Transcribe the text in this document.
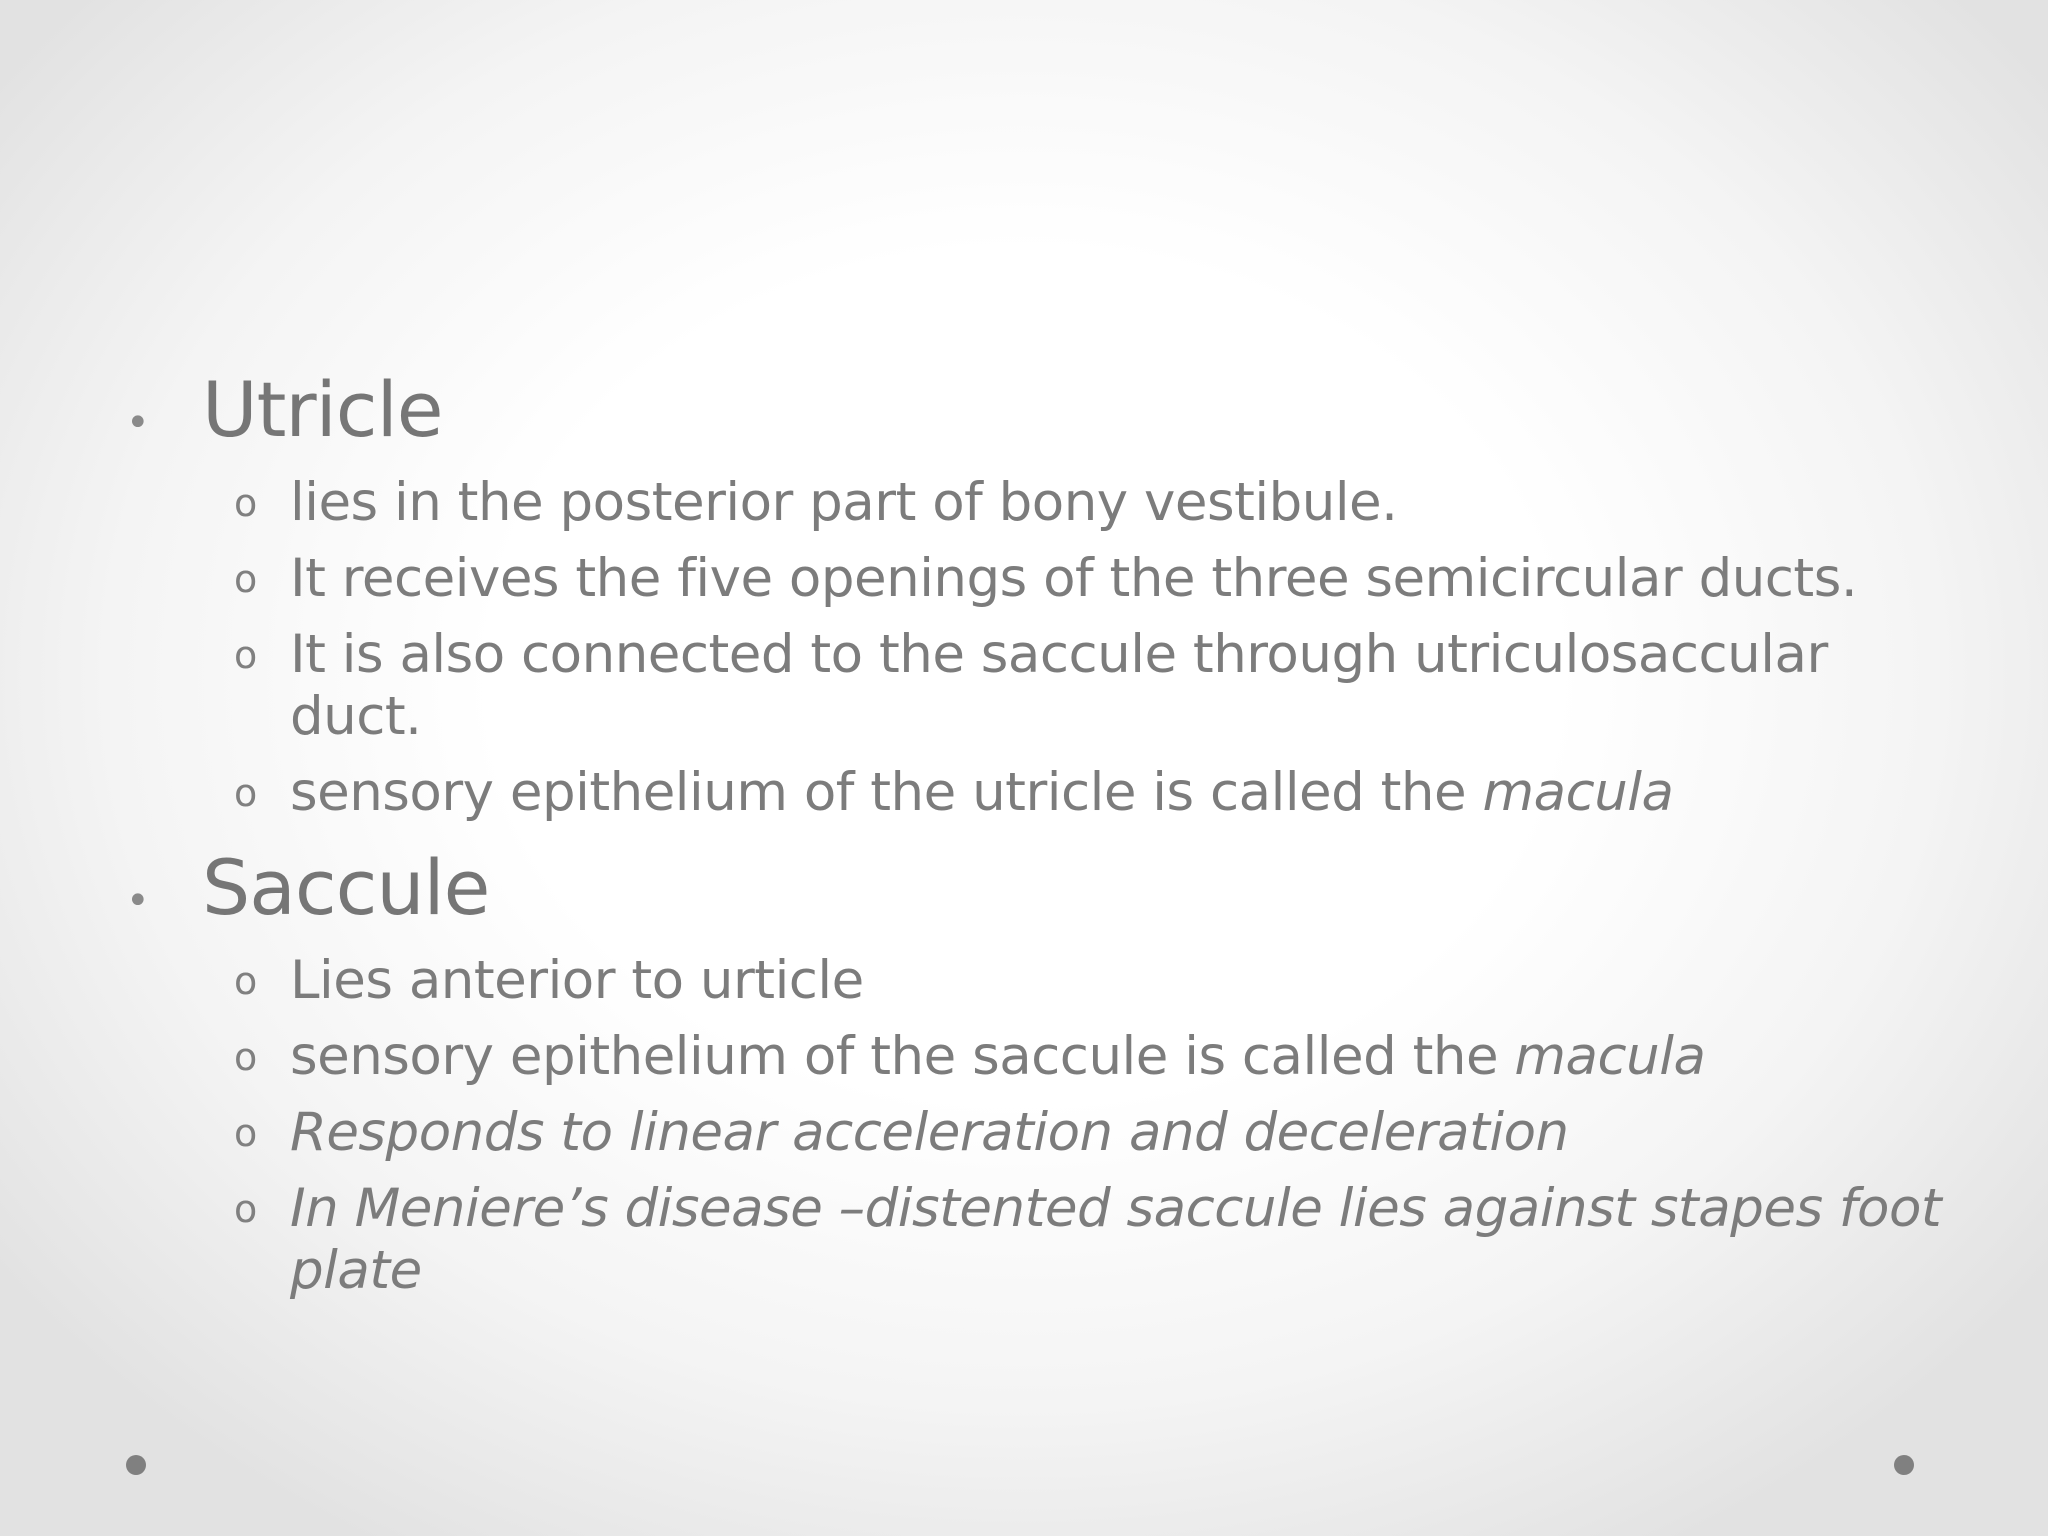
• Utricle
o lies in the posterior part of bony vestibule.
o It receives the five openings of the three semicircular ducts.
o It is also connected to the saccule through utriculosaccular duct.
o sensory epithelium of the utricle is called the macula
• Saccule
o Lies anterior to urticle
o sensory epithelium of the saccule is called the macula
o Responds to linear acceleration and deceleration
o In Meniere’s disease –distented saccule lies against stapes foot plate
